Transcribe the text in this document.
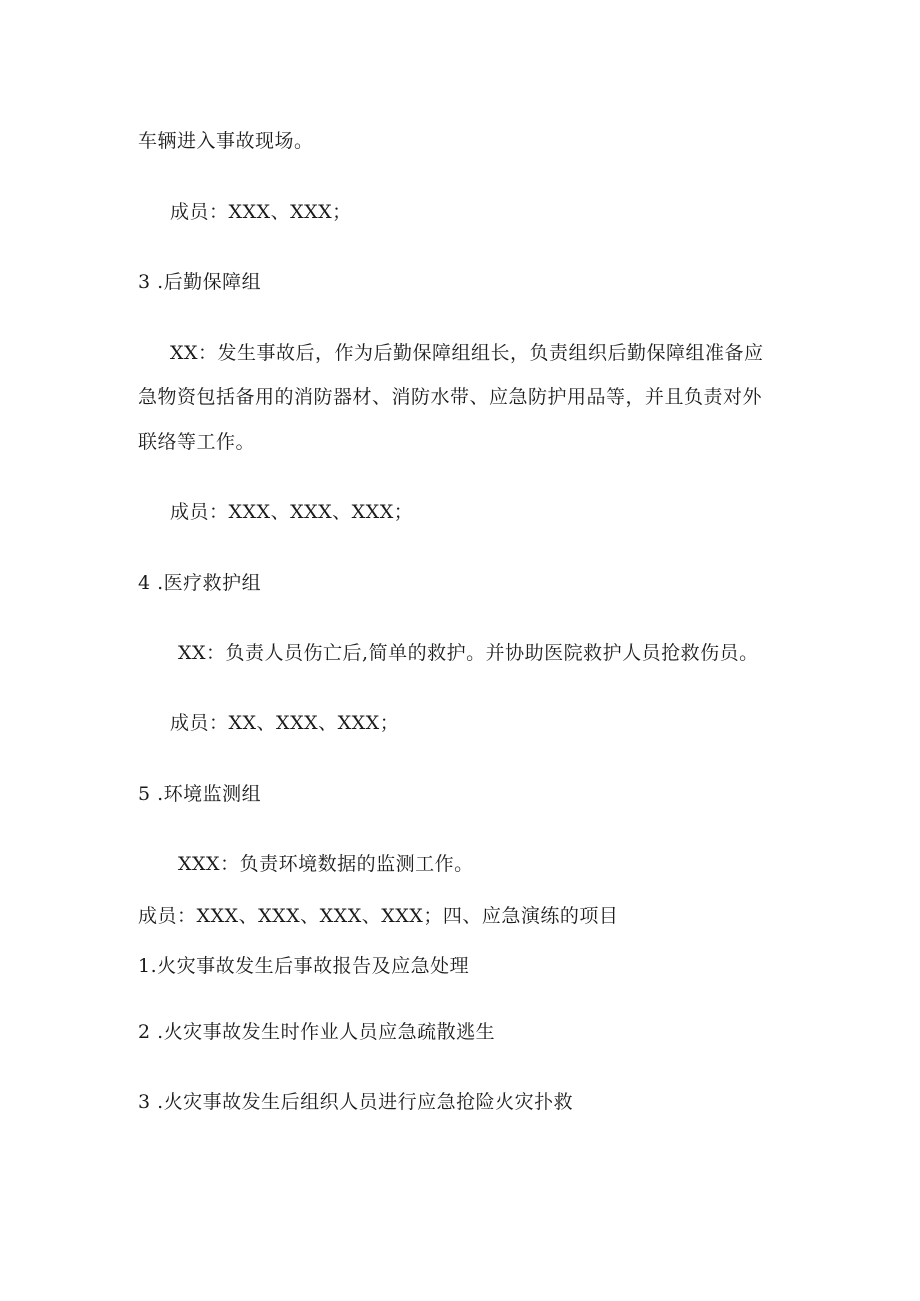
车辆进入事故现场。
成员：XXX、XXX；
3 .后勤保障组
XX：发生事故后，作为后勤保障组组长，负责组织后勤保障组准备应
急物资包括备用的消防器材、消防水带、应急防护用品等，并且负责对外
联络等工作。
成员：XXX、XXX、XXX；
4 .医疗救护组
XX：负责人员伤亡后,简单的救护。并协助医院救护人员抢救伤员。
成员：XX、XXX、XXX；
5 .环境监测组
XXX：负责环境数据的监测工作。
成员：XXX、XXX、XXX、XXX；四、应急演练的项目
1.火灾事故发生后事故报告及应急处理
2 .火灾事故发生时作业人员应急疏散逃生
3 .火灾事故发生后组织人员进行应急抢险火灾扑救
